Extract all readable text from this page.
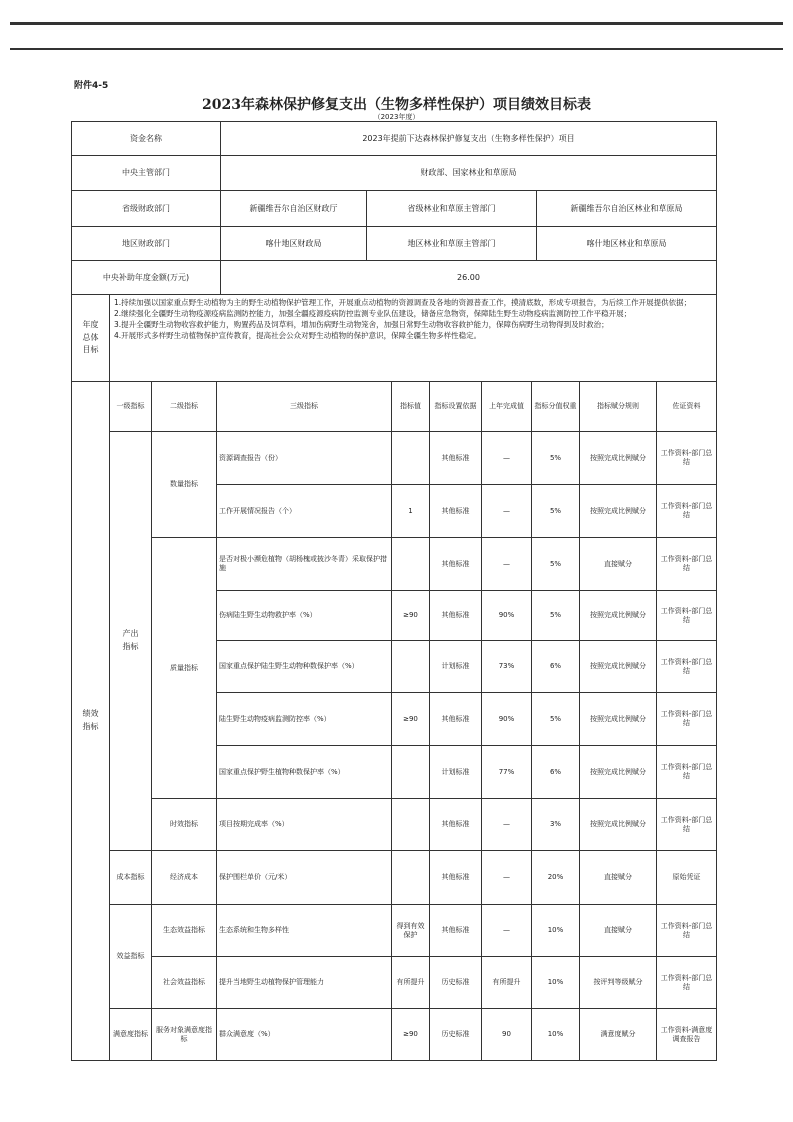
附件4-5
2023年森林保护修复支出（生物多样性保护）项目绩效目标表
（2023年度）
资金名称	2023年提前下达森林保护修复支出（生物多样性保护）项目		
中央主管部门	财政部、国家林业和草原局		
省级财政部门	新疆维吾尔自治区财政厅	省级林业和草原主管部门	新疆维吾尔自治区林业和草原局
地区财政部门	喀什地区财政局	地区林业和草原主管部门	喀什地区林业和草原局
中央补助年度金额(万元)	26.00		
年度总体目标	
1.持续加强以国家重点野生动植物为主的野生动植物保护管理工作，开展重点动植物的资源调查及各地的资源普查工作，摸清底数，形成专项报告，为后续工作开展提供依据；
2.继续强化全疆野生动物疫源疫病监测防控能力，加强全疆疫源疫病防控监测专业队伍建设，储备应急物资，保障陆生野生动物疫病监测防控工作平稳开展；
3.提升全疆野生动物收容救护能力，购置药品及饲草料，增加伤病野生动物笼舍，加强日常野生动物收容救护能力，保障伤病野生动物得到及时救治；
4.开展形式多样野生动植物保护宣传教育，提高社会公众对野生动植物的保护意识，保障全疆生物多样性稳定。
绩效指标	一级指标	二级指标	三级指标	指标值	指标设置依据	上年完成值	指标分值权重	指标赋分规则	佐证资料
	产出指标	数量指标	资源调查报告（份）		其他标准	—	5%	按照完成比例赋分	工作资料-部门总结
			工作开展情况报告（个）	1	其他标准	—	5%	按照完成比例赋分	工作资料-部门总结
		质量指标	是否对极小濒危植物（胡杨槐或披沙冬青）采取保护措施		其他标准	—	5%	直接赋分	工作资料-部门总结
			伤病陆生野生动物救护率（%）	≥90	其他标准	90%	5%	按照完成比例赋分	工作资料-部门总结
			国家重点保护陆生野生动物种数保护率（%）		计划标准	73%	6%	按照完成比例赋分	工作资料-部门总结
			陆生野生动物疫病监测防控率（%）	≥90	其他标准	90%	5%	按照完成比例赋分	工作资料-部门总结
			国家重点保护野生植物种数保护率（%）		计划标准	77%	6%	按照完成比例赋分	工作资料-部门总结
		时效指标	项目按期完成率（%）		其他标准	—	3%	按照完成比例赋分	工作资料-部门总结
	成本指标	经济成本	保护围栏单价（元/米）		其他标准	—	20%	直接赋分	原始凭证
	效益指标	生态效益指标	生态系统和生物多样性	得到有效保护	其他标准	—	10%	直接赋分	工作资料-部门总结
		社会效益指标	提升当地野生动植物保护管理能力	有所提升	历史标准	有所提升	10%	按评判等级赋分	工作资料-部门总结
	满意度指标	服务对象满意度指标	群众满意度（%）	≥90	历史标准	90	10%	满意度赋分	工作资料-满意度调查报告
